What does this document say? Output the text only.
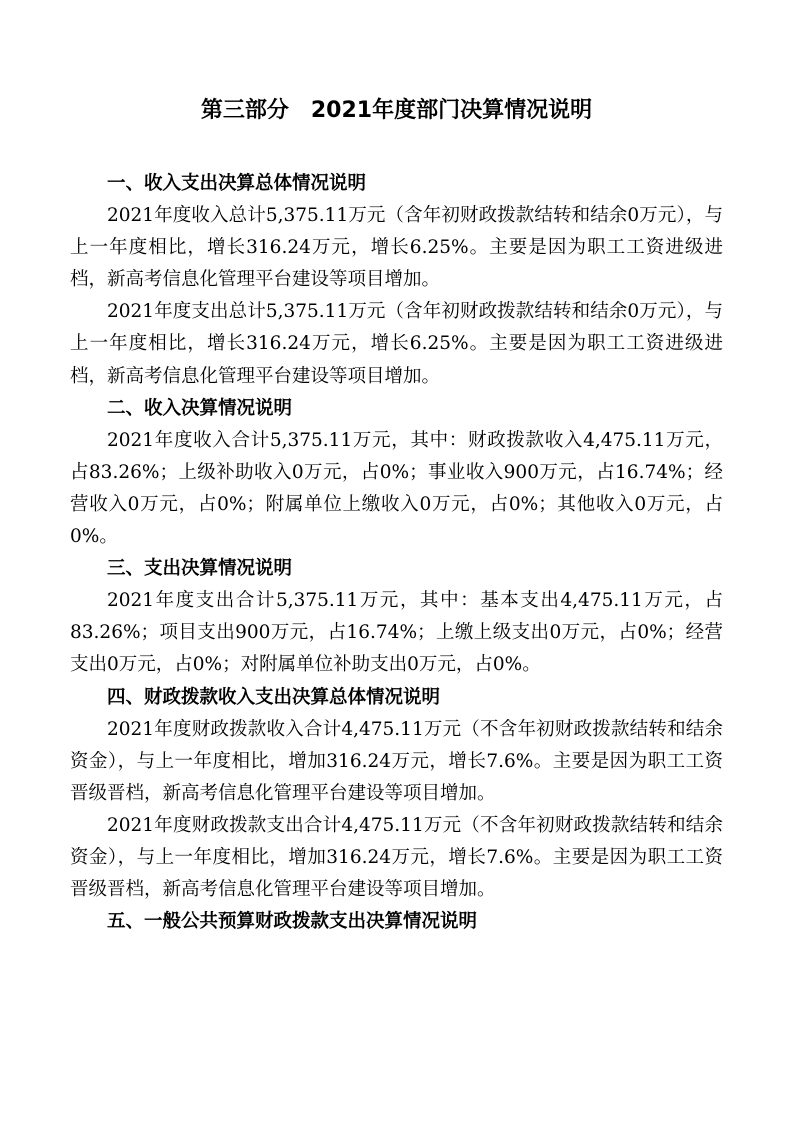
第三部分　2021年度部门决算情况说明

一、收入支出决算总体情况说明

2021年度收入总计5,375.11万元（含年初财政拨款结转和结余0万元），与上一年度相比，增长316.24万元，增长6.25%。主要是因为职工工资进级进档，新高考信息化管理平台建设等项目增加。

2021年度支出总计5,375.11万元（含年初财政拨款结转和结余0万元），与上一年度相比，增长316.24万元，增长6.25%。主要是因为职工工资进级进档，新高考信息化管理平台建设等项目增加。

二、收入决算情况说明

2021年度收入合计5,375.11万元，其中：财政拨款收入4,475.11万元，占83.26%；上级补助收入0万元，占0%；事业收入900万元，占16.74%；经营收入0万元，占0%；附属单位上缴收入0万元，占0%；其他收入0万元，占0%。

三、支出决算情况说明

2021年度支出合计5,375.11万元，其中：基本支出4,475.11万元，占83.26%；项目支出900万元，占16.74%；上缴上级支出0万元，占0%；经营支出0万元，占0%；对附属单位补助支出0万元，占0%。

四、财政拨款收入支出决算总体情况说明

2021年度财政拨款收入合计4,475.11万元（不含年初财政拨款结转和结余资金），与上一年度相比，增加316.24万元，增长7.6%。主要是因为职工工资晋级晋档，新高考信息化管理平台建设等项目增加。

2021年度财政拨款支出合计4,475.11万元（不含年初财政拨款结转和结余资金），与上一年度相比，增加316.24万元，增长7.6%。主要是因为职工工资晋级晋档，新高考信息化管理平台建设等项目增加。

五、一般公共预算财政拨款支出决算情况说明
